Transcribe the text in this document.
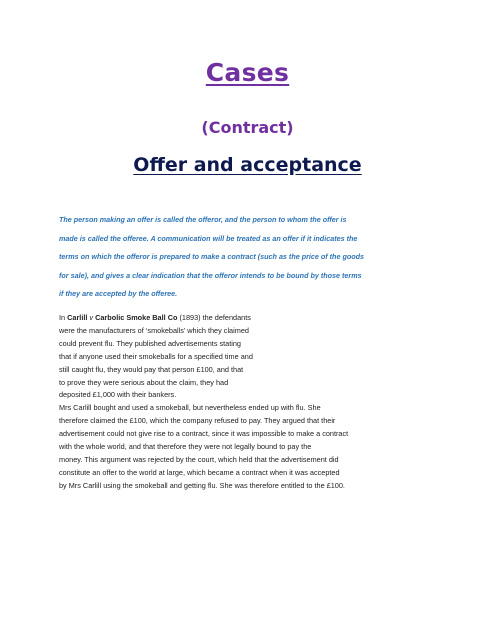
Cases
(Contract)
Offer and acceptance

The person making an offer is called the offeror, and the person to whom the offer is
made is called the offeree. A communication will be treated as an offer if it indicates the
terms on which the offeror is prepared to make a contract (such as the price of the goods
for sale), and gives a clear indication that the offeror intends to be bound by those terms
if they are accepted by the offeree.

In Carlill v Carbolic Smoke Ball Co (1893) the defendants
were the manufacturers of ‘smokeballs’ which they claimed
could prevent flu. They published advertisements stating
that if anyone used their smokeballs for a specified time and
still caught flu, they would pay that person £100, and that
to prove they were serious about the claim, they had
deposited £1,000 with their bankers.
Mrs Carlill bought and used a smokeball, but nevertheless ended up with flu. She
therefore claimed the £100, which the company refused to pay. They argued that their
advertisement could not give rise to a contract, since it was impossible to make a contract
with the whole world, and that therefore they were not legally bound to pay the
money. This argument was rejected by the court, which held that the advertisement did
constitute an offer to the world at large, which became a contract when it was accepted
by Mrs Carlill using the smokeball and getting flu. She was therefore entitled to the £100.
